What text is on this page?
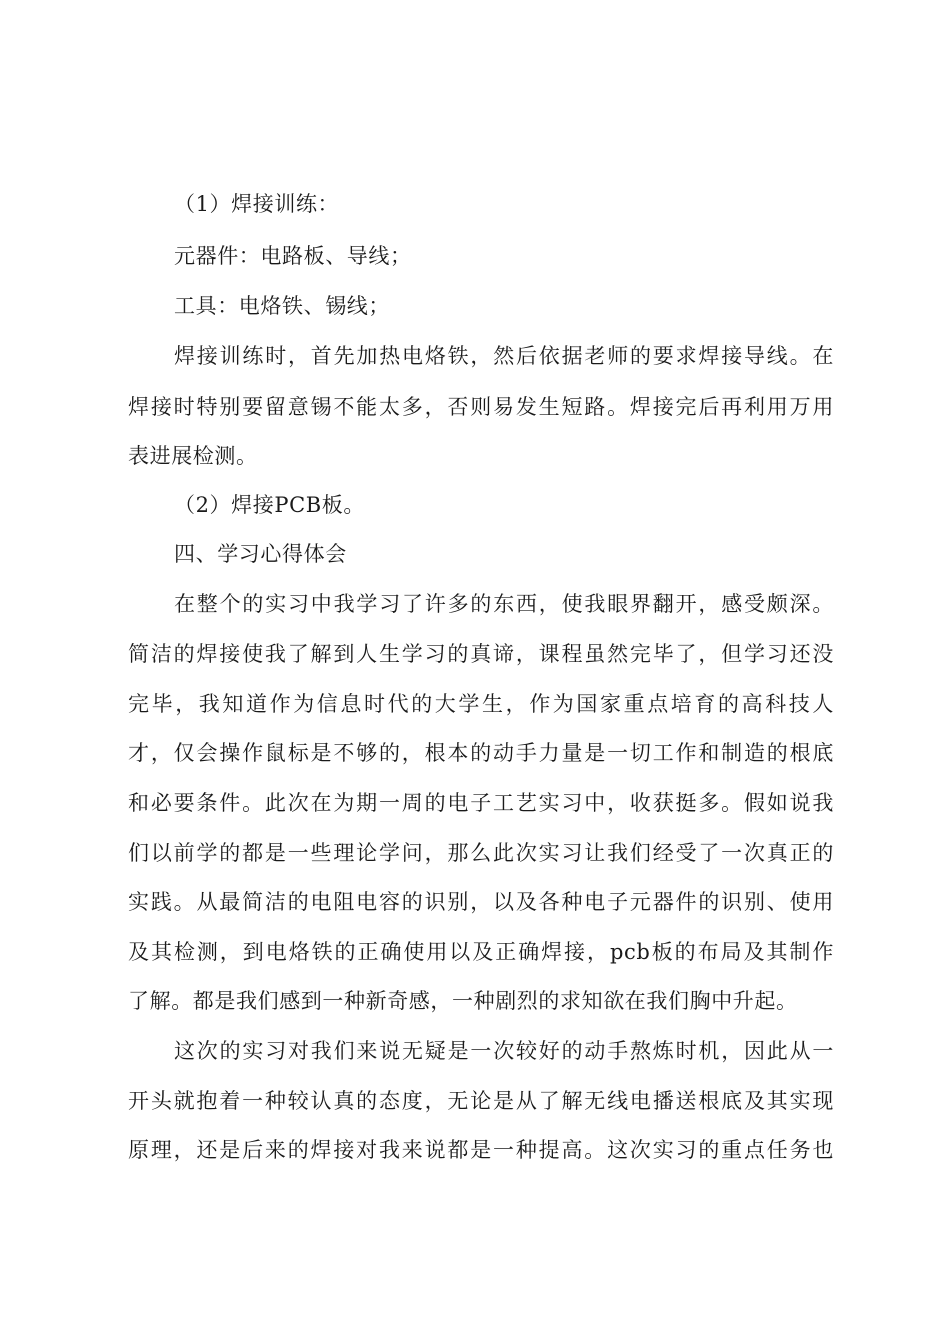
（1）焊接训练：
元器件：电路板、导线；
工具：电烙铁、锡线；
焊接训练时，首先加热电烙铁，然后依据老师的要求焊接导线。在
焊接时特别要留意锡不能太多，否则易发生短路。焊接完后再利用万用
表进展检测。
（2）焊接PCB板。
四、学习心得体会
在整个的实习中我学习了许多的东西，使我眼界翻开，感受颇深。
简洁的焊接使我了解到人生学习的真谛，课程虽然完毕了，但学习还没
完毕，我知道作为信息时代的大学生，作为国家重点培育的高科技人
才，仅会操作鼠标是不够的，根本的动手力量是一切工作和制造的根底
和必要条件。此次在为期一周的电子工艺实习中，收获挺多。假如说我
们以前学的都是一些理论学问，那么此次实习让我们经受了一次真正的
实践。从最简洁的电阻电容的识别，以及各种电子元器件的识别、使用
及其检测，到电烙铁的正确使用以及正确焊接，pcb板的布局及其制作
了解。都是我们感到一种新奇感，一种剧烈的求知欲在我们胸中升起。
这次的实习对我们来说无疑是一次较好的动手熬炼时机，因此从一
开头就抱着一种较认真的态度，无论是从了解无线电播送根底及其实现
原理，还是后来的焊接对我来说都是一种提高。这次实习的重点任务也
